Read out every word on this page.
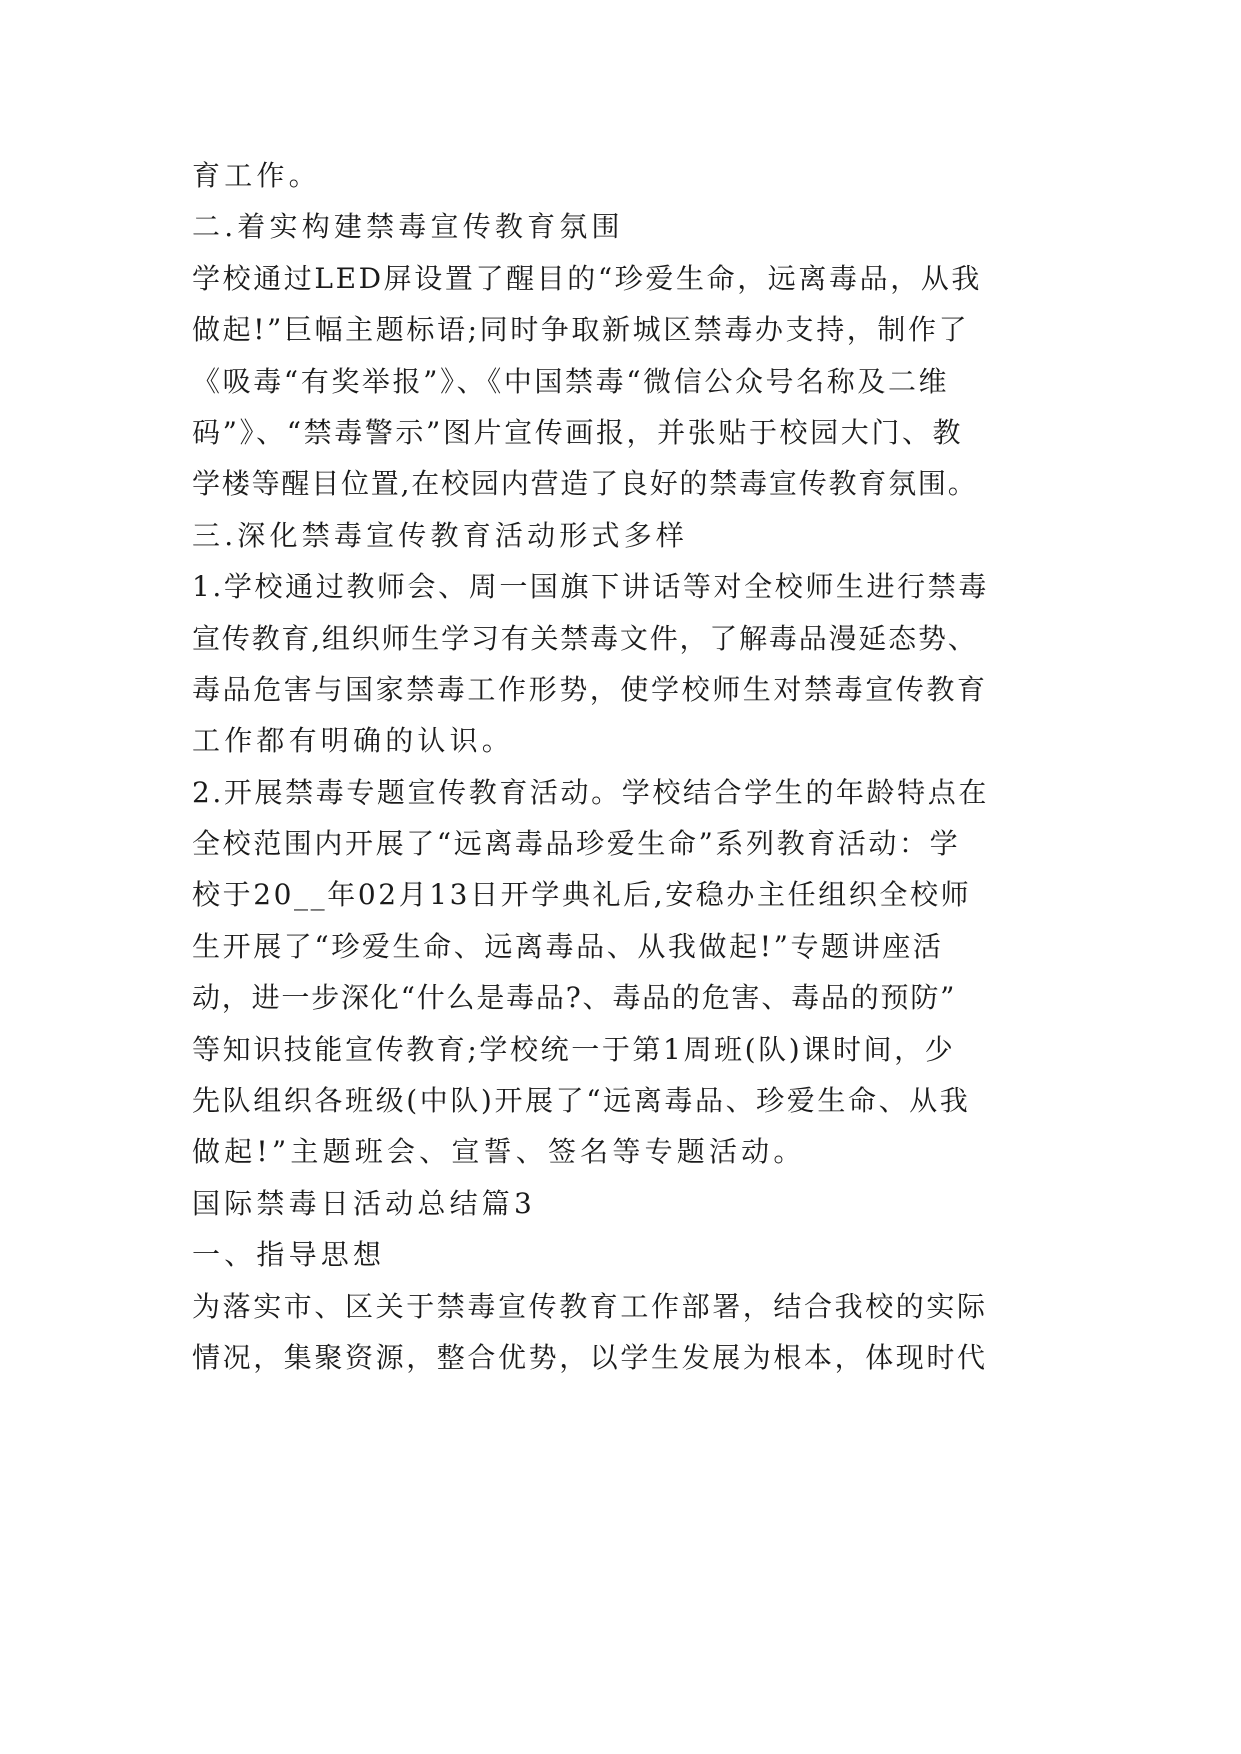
育工作。
二.着实构建禁毒宣传教育氛围
学校通过LED屏设置了醒目的“珍爱生命，远离毒品，从我
做起!”巨幅主题标语;同时争取新城区禁毒办支持，制作了
《吸毒“有奖举报”》、《中国禁毒“微信公众号名称及二维
码”》、“禁毒警示”图片宣传画报，并张贴于校园大门、教
学楼等醒目位置,在校园内营造了良好的禁毒宣传教育氛围。
三.深化禁毒宣传教育活动形式多样
1.学校通过教师会、周一国旗下讲话等对全校师生进行禁毒
宣传教育,组织师生学习有关禁毒文件，了解毒品漫延态势、
毒品危害与国家禁毒工作形势，使学校师生对禁毒宣传教育
工作都有明确的认识。
2.开展禁毒专题宣传教育活动。学校结合学生的年龄特点在
全校范围内开展了“远离毒品珍爱生命”系列教育活动：学
校于20__年02月13日开学典礼后,安稳办主任组织全校师
生开展了“珍爱生命、远离毒品、从我做起!”专题讲座活
动，进一步深化“什么是毒品?、毒品的危害、毒品的预防”
等知识技能宣传教育;学校统一于第1周班(队)课时间，少
先队组织各班级(中队)开展了“远离毒品、珍爱生命、从我
做起!”主题班会、宣誓、签名等专题活动。
国际禁毒日活动总结篇3
一、指导思想
为落实市、区关于禁毒宣传教育工作部署，结合我校的实际
情况，集聚资源，整合优势，以学生发展为根本，体现时代
